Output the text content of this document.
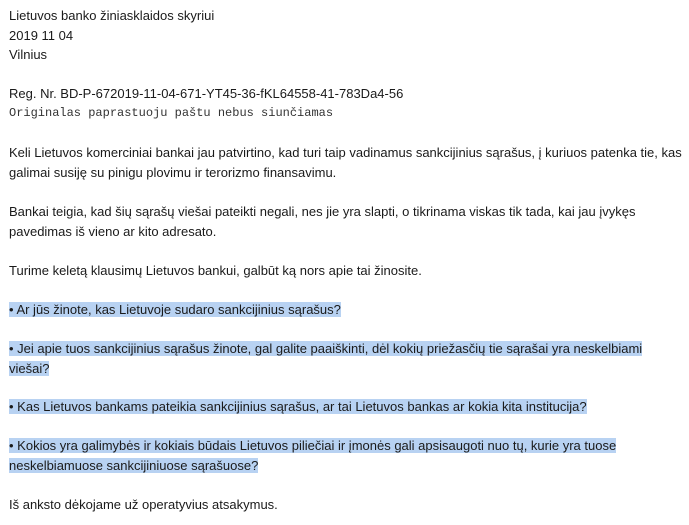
Lietuvos banko žiniasklaidos skyriui
2019 11 04
Vilnius
Reg. Nr. BD-P-672019-11-04-671-YT45-36-fKL64558-41-783Da4-56
Originalas paprastuoju paštu nebus siunčiamas
Keli Lietuvos komerciniai bankai jau patvirtino, kad turi taip vadinamus sankcijinius sąrašus, į kuriuos patenka tie, kas galimai susiję su pinigu plovimu ir terorizmo finansavimu.
Bankai teigia, kad šių sąrašų viešai pateikti negali, nes jie yra slapti, o tikrinama viskas tik tada, kai jau įvykęs pavedimas iš vieno ar kito adresato.
Turime keletą klausimų Lietuvos bankui, galbūt ką nors apie tai žinosite.
• Ar jūs žinote, kas Lietuvoje sudaro sankcijinius sąrašus?
• Jei apie tuos sankcijinius sąrašus žinote, gal galite paaiškinti, dėl kokių priežasčių tie sąrašai yra neskelbiami viešai?
• Kas Lietuvos bankams pateikia sankcijinius sąrašus, ar tai Lietuvos bankas ar kokia kita institucija?
• Kokios yra galimybės ir kokiais būdais Lietuvos piliečiai ir įmonės gali apsisaugoti nuo tų, kurie yra tuose neskelbiamuose sankcijiniuose sąrašuose?
Iš anksto dėkojame už operatyvius atsakymus.
